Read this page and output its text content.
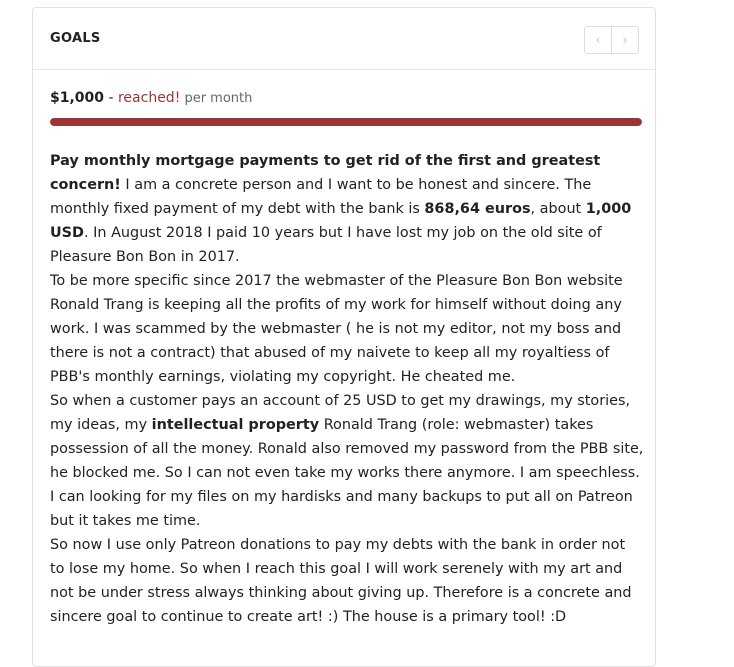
GOALS	‹ ›
$1,000 - reached! per month

Pay monthly mortgage payments to get rid of the first and greatest concern! I am a concrete person and I want to be honest and sincere. The monthly fixed payment of my debt with the bank is 868,64 euros, about 1,000 USD. In August 2018 I paid 10 years but I have lost my job on the old site of Pleasure Bon Bon in 2017.

To be more specific since 2017 the webmaster of the Pleasure Bon Bon website Ronald Trang is keeping all the profits of my work for himself without doing any work. I was scammed by the webmaster ( he is not my editor, not my boss and there is not a contract) that abused of my naivete to keep all my royaltiess of PBB's monthly earnings, violating my copyright. He cheated me.

So when a customer pays an account of 25 USD to get my drawings, my stories, my ideas, my intellectual property Ronald Trang (role: webmaster) takes possession of all the money. Ronald also removed my password from the PBB site, he blocked me. So I can not even take my works there anymore. I am speechless. I can looking for my files on my hardisks and many backups to put all on Patreon but it takes me time.

So now I use only Patreon donations to pay my debts with the bank in order not to lose my home. So when I reach this goal I will work serenely with my art and not be under stress always thinking about giving up. Therefore is a concrete and sincere goal to continue to create art! :) The house is a primary tool! :D
